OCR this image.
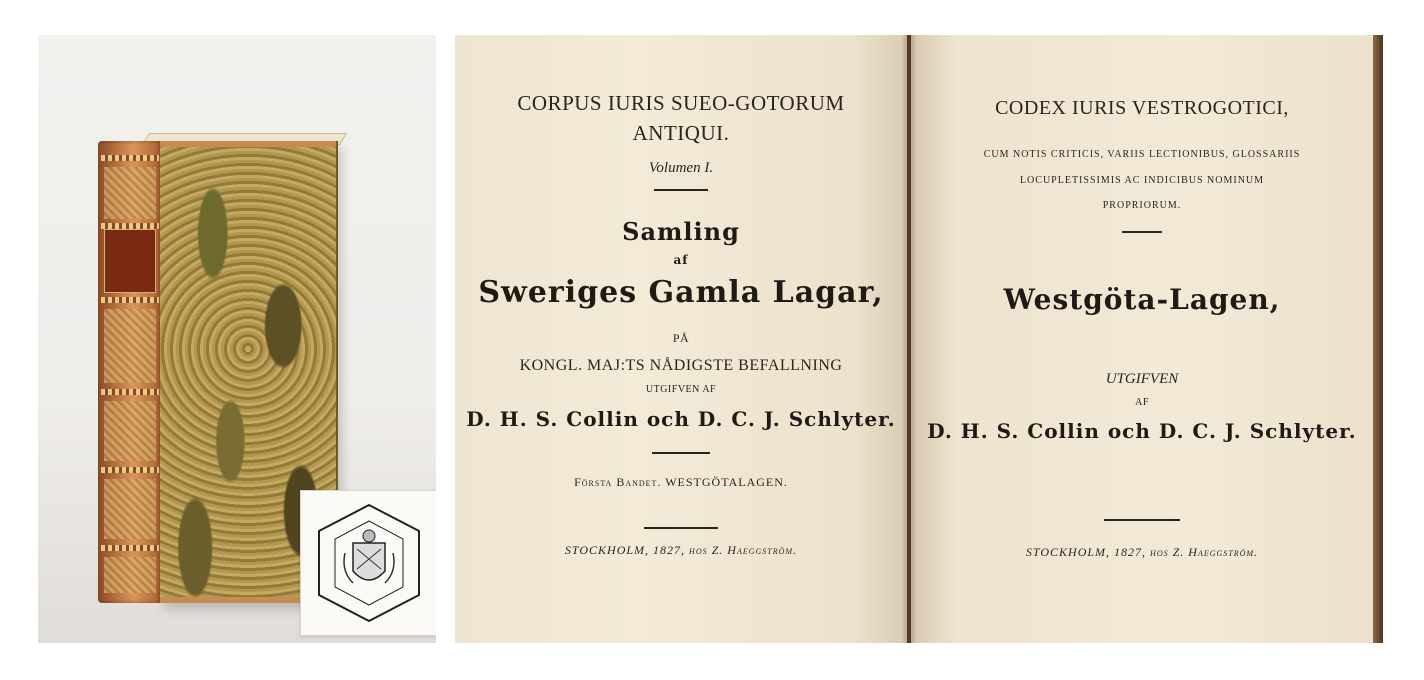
CORPUS IURIS SUEO-GOTORUM
ANTIQUI.
Volumen I.
Samling
af
Sweriges Gamla Lagar,
PÅ
KONGL. MAJ:TS NÅDIGSTE BEFALLNING
UTGIFVEN AF
D. H. S. Collin och D. C. J. Schlyter.
Första Bandet. WESTGÖTALAGEN.
STOCKHOLM, 1827, hos Z. Haeggström.
CODEX IURIS VESTROGOTICI,
CUM NOTIS CRITICIS, VARIIS LECTIONIBUS, GLOSSARIIS
LOCUPLETISSIMIS AC INDICIBUS NOMINUM
PROPRIORUM.
Westgöta-Lagen,
UTGIFVEN
AF
D. H. S. Collin och D. C. J. Schlyter.
STOCKHOLM, 1827, hos Z. Haeggström.
